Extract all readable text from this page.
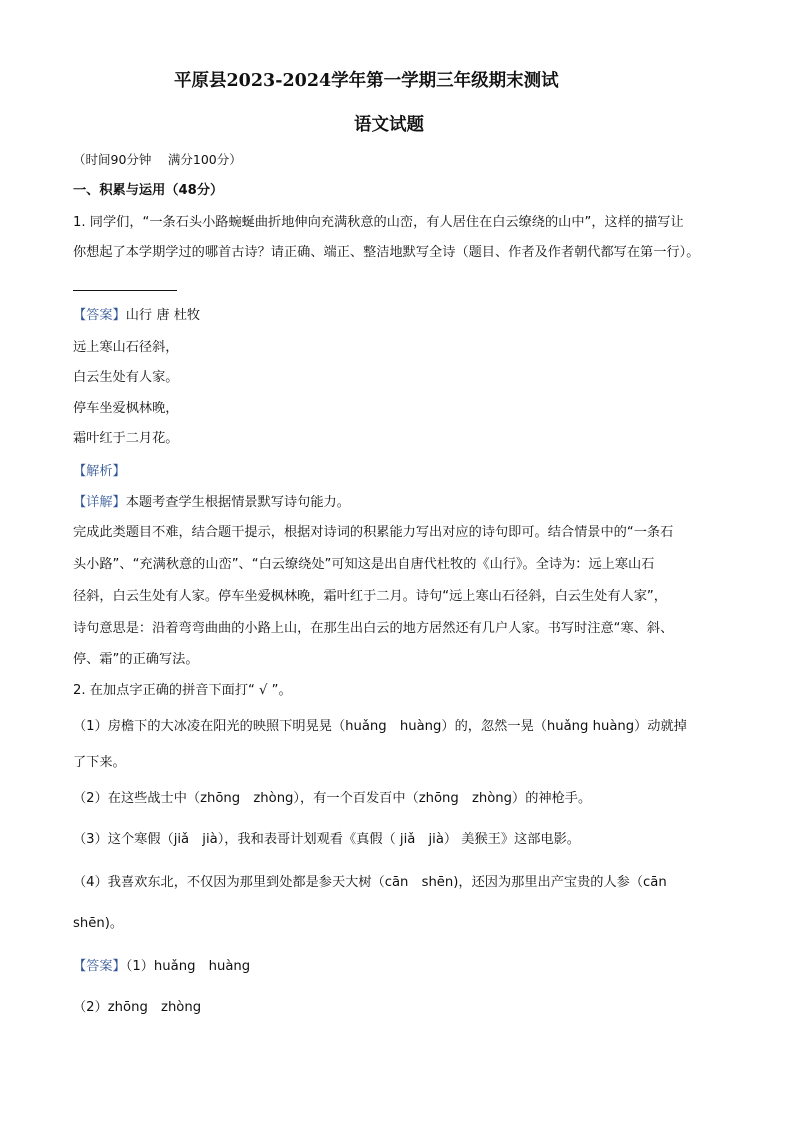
平原县2023-2024学年第一学期三年级期末测试
语文试题
（时间90分钟　 满分100分）
一、积累与运用（48分）
1. 同学们，“一条石头小路蜿蜒曲折地伸向充满秋意的山峦，有人居住在白云缭绕的山中”，这样的描写让
你想起了本学期学过的哪首古诗？请正确、端正、整洁地默写全诗（题目、作者及作者朝代都写在第一行）。
【答案】山行 唐 杜牧
远上寒山石径斜，
白云生处有人家。
停车坐爱枫林晚，
霜叶红于二月花。
【解析】
【详解】本题考查学生根据情景默写诗句能力。
完成此类题目不难，结合题干提示，根据对诗词的积累能力写出对应的诗句即可。结合情景中的“一条石
头小路”、“充满秋意的山峦”、“白云缭绕处”可知这是出自唐代杜牧的《山行》。全诗为：远上寒山石
径斜，白云生处有人家。停车坐爱枫林晚，霜叶红于二月。诗句“远上寒山石径斜，白云生处有人家”，
诗句意思是：沿着弯弯曲曲的小路上山，在那生出白云的地方居然还有几户人家。书写时注意“寒、斜、
停、霜”的正确写法。
2. 在加点字正确的拼音下面打“ √ ”。
（1）房檐下的大冰凌在阳光的映照下明晃晃（huǎng　huàng）的，忽然一晃（huǎng huàng）动就掉
了下来。
（2）在这些战士中（zhōng　zhòng），有一个百发百中（zhōng　zhòng）的神枪手。
（3）这个寒假（jiǎ　jià），我和表哥计划观看《真假（ jiǎ　jià） 美猴王》这部电影。
（4）我喜欢东北，不仅因为那里到处都是参天大树（cān　shēn)，还因为那里出产宝贵的人参（cān
shēn)。
【答案】（1）huǎng　huàng
（2）zhōng　zhòng
